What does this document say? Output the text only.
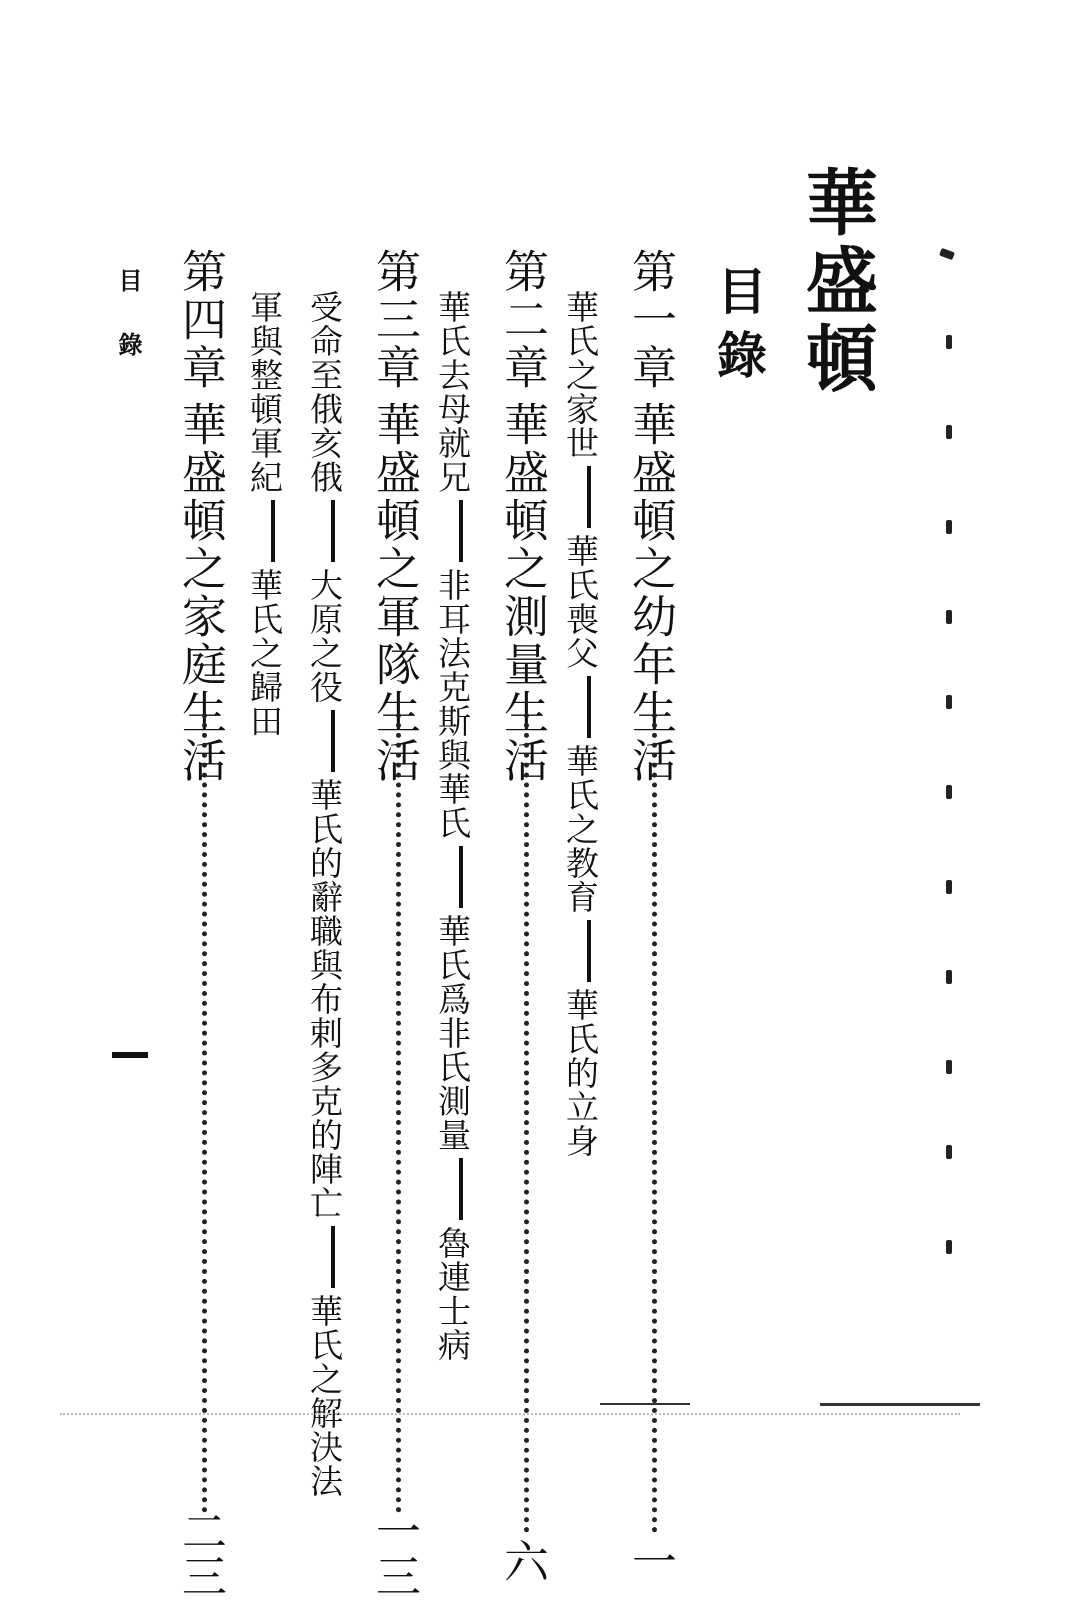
華盛頓
目錄
第一章
華盛頓之幼年生活
一
華氏之家世華氏喪父華氏之教育華氏的立身
第二章
華盛頓之測量生活
六
華氏去母就兄非耳法克斯與華氏華氏爲非氏測量魯連士病
第三章
華盛頓之軍隊生活
一三
受命至俄亥俄大原之役華氏的辭職與布剌多克的陣亡華氏之解決法
軍與整頓軍紀華氏之歸田
第四章
華盛頓之家庭生活
二三
目錄
